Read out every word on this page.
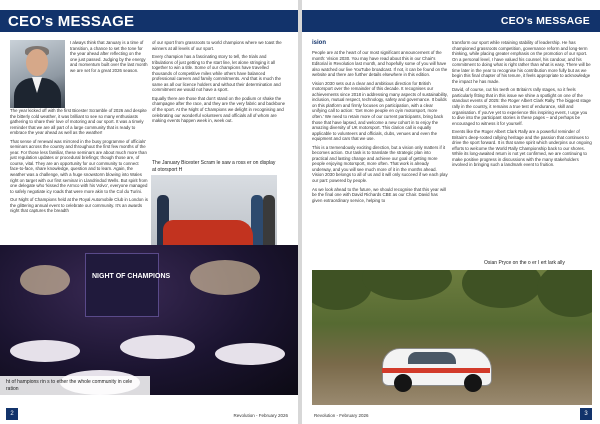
CEO's MESSAGE

I always think that January is a time of transition, a chance to set the tone for the year ahead after reflecting on the one just passed. Judging by the energy and momentum built over the last month we are set for a great 2026 season.

The year kicked off with the first Bicester Scramble of 2026 and despite the bitterly cold weather, it was brilliant to see so many enthusiasts gathering to share their love of motoring and our sport. It was a timely reminder that we are all part of a large community that is ready to embrace the year ahead as well as the weather!

That sense of renewal was mirrored in the busy programme of officials' seminars across the country and throughout the first few months of the year. For those less familiar, these seminars are about much more than just regulation updates or procedural briefings; though those are, of course, vital. They are an opportunity for our community to connect face-to-face, share knowledge, question and to learn. Again, the weather was a challenge, with a huge snowstorm blowing into Wales right on target with our first seminar in Llandrindod Wells. But spirit from one delegate who 'kissed the Armco with his Volvo', everyone managed to safely negotiate icy roads that were more akin to the Col du Turini.

Our Night of Champions held at the Royal Automobile Club in London is the glittering annual event to celebrate our community. It's an awards night that captures the breadth

of our sport from grassroots to world champions where we toast the winners at all levels of our sport.

Every champion has a fascinating story to tell, the trials and tribulations of just getting to the start line, let alone stringing it all together to win a title. Some of our champions have travelled thousands of competitive miles while others have balanced professional careers and family commitments. And that is much the same as all our licence holders and without their determination and commitment we would not have a sport.

Equally there are those that don't stand on the podium or shake the champagne after the race, and they are the very fabric and backbone of the sport. At the Night of Champions we delight in recognising and celebrating our wonderful volunteers and officials all of whom are making events happen week in, week out.

The January Bicester Scram le saw a ross er on display at otorsport H
NIGHT OF CHAMPIONS
ht of hampions rin s to ether the whole community in cele ration
2	Revolution - February 2026
CEO's MESSAGE

ision

People are at the heart of our most significant announcement of the month: Vision 2030. You may have read about this in our Chair's Editorial in Revolution last month, and hopefully some of you will have also watched our live YouTube broadcast. If not, it can be found on the website and there are further details elsewhere in this edition.

Vision 2030 sets out a clear and ambitious direction for British motorsport over the remainder of this decade. It recognises our achievements since 2018 in addressing many aspects of sustainability, inclusion, mutual respect, technology, safety and governance. It builds on this platform and firmly focuses on participation, with a clear unifying call to action: 'Get more people en oyin motorsport, more often.' We need to retain more of our current participants, bring back those that have lapsed, and welcome a new cohort in to enjoy the amazing diversity of UK motorsport. This clarion call is equally applicable to volunteers and officials, clubs, venues and even the equipment and cars that we use.

This is a tremendously exciting direction, but a vision only matters if it becomes action. Our task is to translate the strategic plan into practical and lasting change and achieve our goal of getting more people enjoying motorsport, more often. That work is already underway, and you will see much more of it in the months ahead. Vision 2030 belongs to all of us and it will only succeed if we each play our part: powered by people.

As we look ahead to the future, we should recognise that this year will be the final one with David Richards CBE as our Chair. David has given extraordinary service, helping to

transform our sport while retaining stability of leadership. He has championed grassroots competition, governance reform and long-term thinking, while placing greater emphasis on the promotion of our sport. On a personal level, I have valued his counsel, his candour, and his commitment to doing what is right rather than what is easy. There will be time later in the year to recognise his contribution more fully but as we begin this final chapter of his tenure, it feels appropriate to acknowledge the impact he has made.

David, of course, cut his teeth on Britain's rally stages, so it feels particularly fitting that in this issue we shine a spotlight on one of the standout events of 2025: the Roger Albert Clark Rally. The biggest stage rally in the country, it remains a true test of endurance, skill and organisation. If you've yet to experience this inspiring event, I urge you to dive into the participant stories in these pages – and perhaps be encouraged to witness it for yourself.

Events like the Roger Albert Clark Rally are a powerful reminder of Britain's deep-rooted rallying heritage and the passion that continues to drive the sport forward. It is that same spirit which underpins our ongoing efforts to welcome the World Rally Championship back to our shores. While its long-awaited return is not yet confirmed, we are continuing to make positive progress in discussions with the many stakeholders involved in bringing such a landmark event to fruition.

Osian Pryce on the o er I ert lark ally
Revolution - February 2026	3
